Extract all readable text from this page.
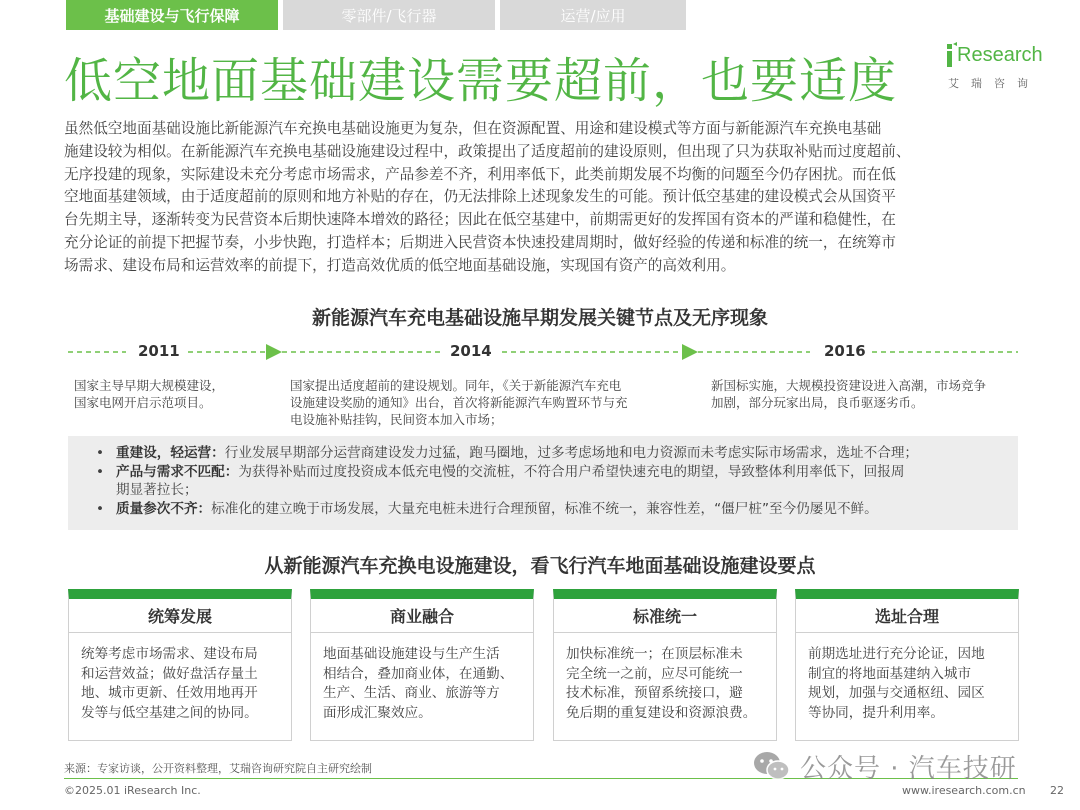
基础建设与飞行保障	零部件/飞行器	运营/应用
低空地面基础建设需要超前，也要适度	Research
艾瑞咨询
虽然低空地面基础设施比新能源汽车充换电基础设施更为复杂，但在资源配置、用途和建设模式等方面与新能源汽车充换电基础
施建设较为相似。在新能源汽车充换电基础设施建设过程中，政策提出了适度超前的建设原则，但出现了只为获取补贴而过度超前、
无序投建的现象，实际建设未充分考虑市场需求，产品参差不齐，利用率低下，此类前期发展不均衡的问题至今仍存困扰。而在低
空地面基建领域，由于适度超前的原则和地方补贴的存在，仍无法排除上述现象发生的可能。预计低空基建的建设模式会从国资平
台先期主导，逐渐转变为民营资本后期快速降本增效的路径；因此在低空基建中，前期需更好的发挥国有资本的严谨和稳健性，在
充分论证的前提下把握节奏，小步快跑，打造样本；后期进入民营资本快速投建周期时，做好经验的传递和标准的统一，在统筹市
场需求、建设布局和运营效率的前提下，打造高效优质的低空地面基础设施，实现国有资产的高效利用。
新能源汽车充电基础设施早期发展关键节点及无序现象
2011	2014	2016
国家主导早期大规模建设，
国家电网开启示范项目。
国家提出适度超前的建设规划。同年，《关于新能源汽车充电
设施建设奖励的通知》出台，首次将新能源汽车购置环节与充
电设施补贴挂钩，民间资本加入市场；
新国标实施，大规模投资建设进入高潮，市场竞争
加剧，部分玩家出局，良币驱逐劣币。
• 重建设，轻运营：行业发展早期部分运营商建设发力过猛，跑马圈地，过多考虑场地和电力资源而未考虑实际市场需求，选址不合理；
• 产品与需求不匹配：为获得补贴而过度投资成本低充电慢的交流桩，不符合用户希望快速充电的期望，导致整体利用率低下，回报周
期显著拉长；
• 质量参次不齐：标准化的建立晚于市场发展，大量充电桩未进行合理预留，标准不统一，兼容性差，“僵尸桩”至今仍屡见不鲜。
从新能源汽车充换电设施建设，看飞行汽车地面基础设施建设要点
统筹发展
统筹考虑市场需求、建设布局
和运营效益；做好盘活存量土
地、城市更新、任效用地再开
发等与低空基建之间的协同。
商业融合
地面基础设施建设与生产生活
相结合，叠加商业体，在通勤、
生产、生活、商业、旅游等方
面形成汇聚效应。
标准统一
加快标准统一；在顶层标准未
完全统一之前，应尽可能统一
技术标准，预留系统接口，避
免后期的重复建设和资源浪费。
选址合理
前期选址进行充分论证，因地
制宜的将地面基建纳入城市
规划，加强与交通枢纽、园区
等协同，提升利用率。
来源：专家访谈，公开资料整理，艾瑞咨询研究院自主研究绘制
©2025.01 iResearch Inc.	www.iresearch.com.cn 22
公众号 · 汽车技研
